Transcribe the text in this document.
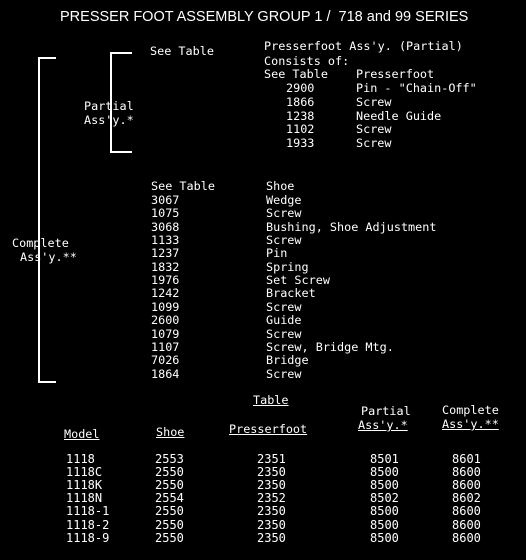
PRESSER FOOT ASSEMBLY GROUP 1 /  718 and 99 SERIES
Partial
Ass'y.*
Complete
Ass'y.**
See Table	Presserfoot Ass'y. (Partial)
Consists of:
See Table Presserfoot
2900	Pin - "Chain-Off"
1866	Screw
1238	Needle Guide
1102	Screw
1933	Screw
See Table	Shoe
3067	Wedge
1075	Screw
3068	Bushing, Shoe Adjustment
1133	Screw
1237	Pin
1832	Spring
1976	Set Screw
1242	Bracket
1099	Screw
2600	Guide
1079	Screw
1107	Screw, Bridge Mtg.
7026	Bridge
1864	Screw
Table
Model	Shoe	Presserfoot
Partial
Ass'y.*
Complete
Ass'y.**
1118	2553	2351	8501	8601
1118C	2550	2350	8500	8600
1118K	2550	2350	8500	8600
1118N	2554	2352	8502	8602
1118-1	2550	2350	8500	8600
1118-2	2550	2350	8500	8600
1118-9	2550	2350	8500	8600
